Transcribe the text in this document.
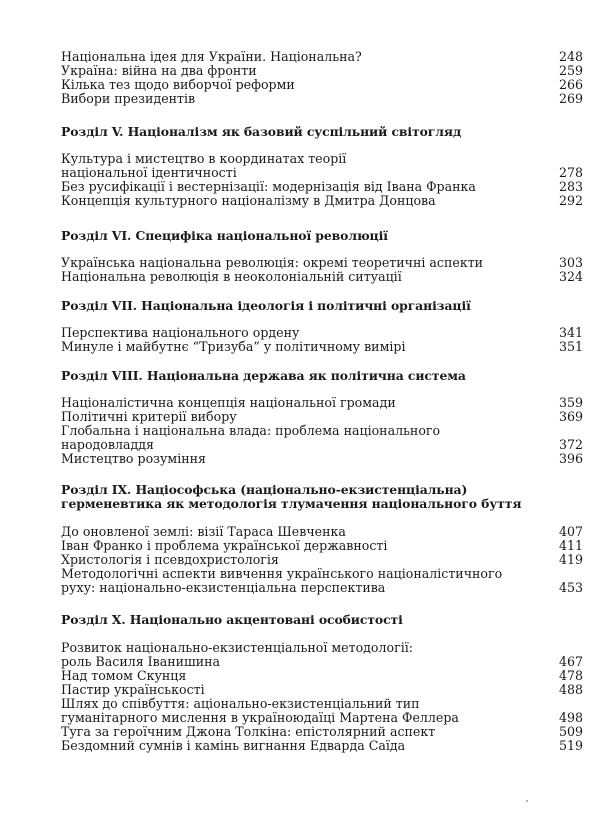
Національна ідея для України. Національна?	248
Україна: війна на два фронти	259
Кілька тез щодо виборчої реформи	266
Вибори президентів	269
Розділ V. Націоналізм як базовий суспільний світогляд
Культура і мистецтво в координатах теорії
національної ідентичності	278
Без русифікації і вестернізації: модернізація від Івана Франка	283
Концепція культурного націоналізму в Дмитра Донцова	292
Розділ VI. Специфіка національної революції
Українська національна революція: окремі теоретичні аспекти	303
Національна революція в неоколоніальній ситуації	324
Розділ VII. Національна ідеологія і політичні організації
Перспектива національного ордену	341
Минуле і майбутнє “Тризуба” у політичному вимірі	351
Розділ VIII. Національна держава як політична система
Націоналістична концепція національної громади	359
Політичні критерії вибору	369
Глобальна і національна влада: проблема національного
народовладдя	372
Мистецтво розуміння	396
Розділ IX. Націософська (національно-екзистенціальна)
герменевтика як методологія тлумачення національного буття
До оновленої землі: візії Тараса Шевченка	407
Іван Франко і проблема української державності	411
Христологія і псевдохристологія	419
Методологічні аспекти вивчення українського націоналістичного
руху: національно-екзистенціальна перспектива	453
Розділ X. Національно акцентовані особистості
Розвиток національно-екзистенціальної методології:
роль Василя Іванишина	467
Над томом Скунця	478
Пастир українськості	488
Шлях до співбуття: аціонально-екзистенціальний тип
гуманітарного мислення в україноюдаїці Мартена Феллера	498
Туга за героїчним Джона Толкіна: епістолярний аспект	509
Бездомний сумнів і камінь вигнання Едварда Саїда	519
